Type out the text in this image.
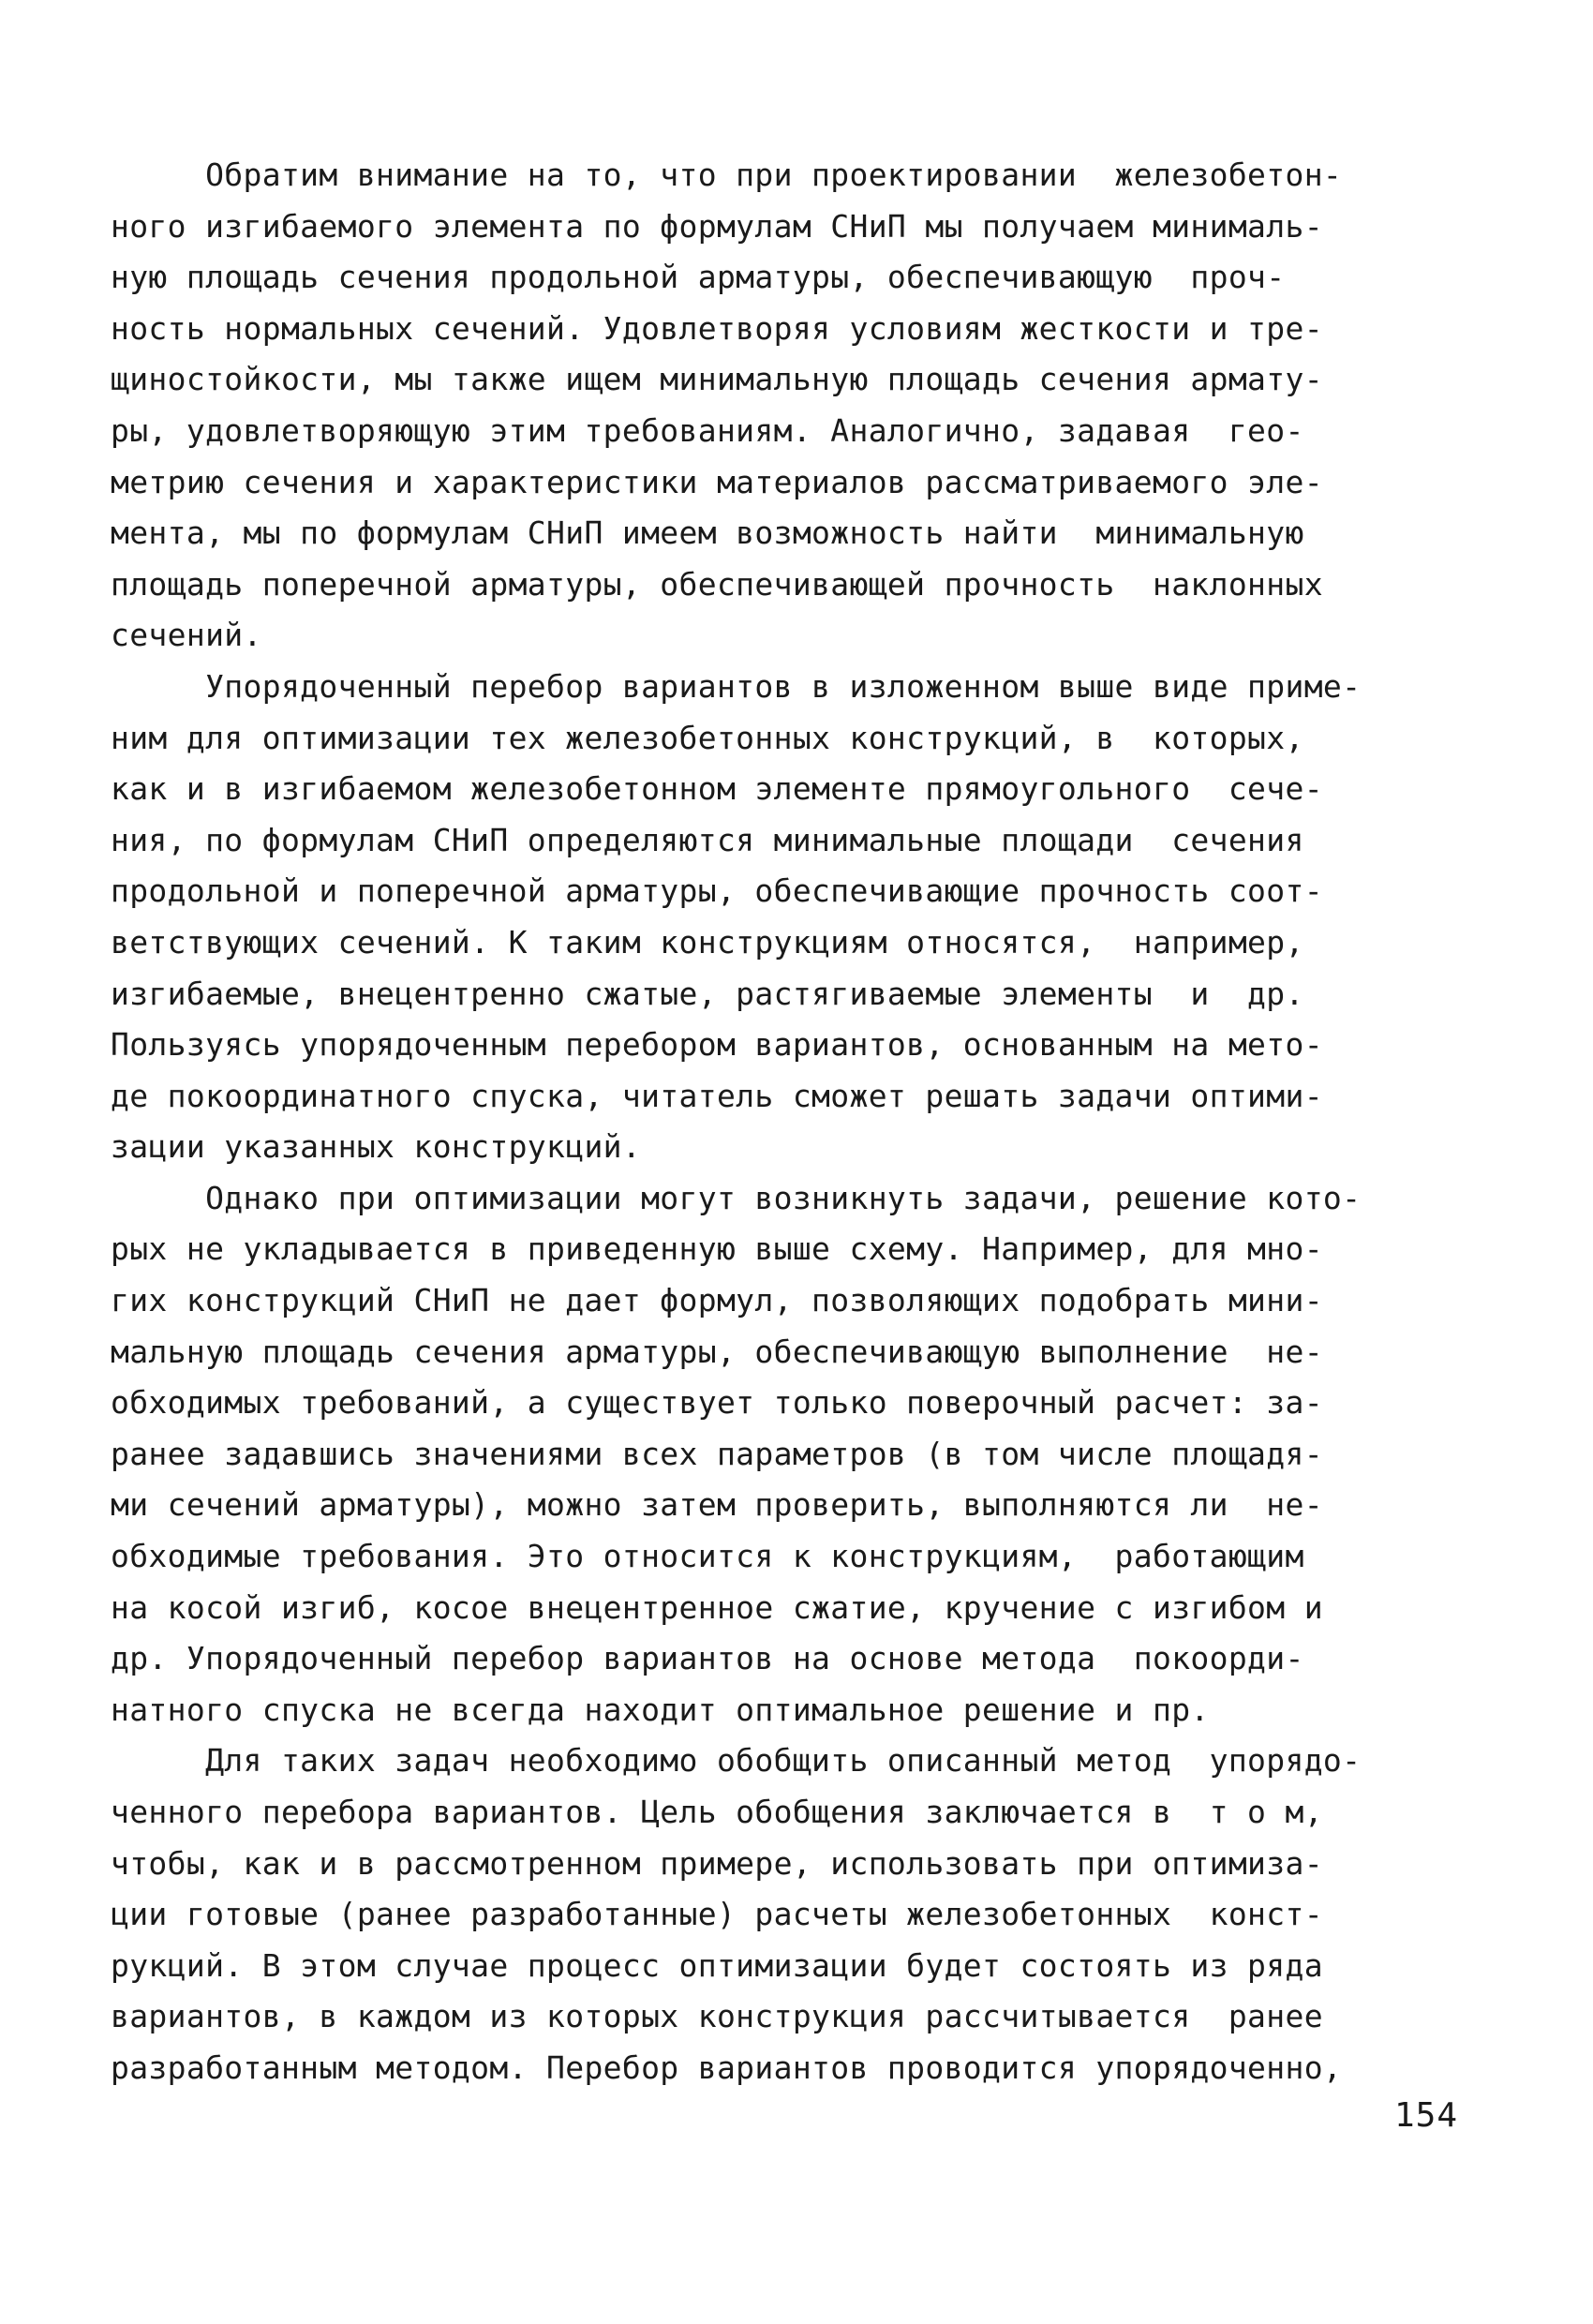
Обратим внимание на то, что при проектировании  железобетон-
ного изгибаемого элемента по формулам СНиП мы получаем минималь-
ную площадь сечения продольной арматуры, обеспечивающую  проч-
ность нормальных сечений. Удовлетворяя условиям жесткости и тре-
щиностойкости, мы также ищем минимальную площадь сечения армату-
ры, удовлетворяющую этим требованиям. Аналогично, задавая  гео-
метрию сечения и характеристики материалов рассматриваемого эле-
мента, мы по формулам СНиП имеем возможность найти  минимальную
площадь поперечной арматуры, обеспечивающей прочность  наклонных
сечений.
Упорядоченный перебор вариантов в изложенном выше виде приме-
ним для оптимизации тех железобетонных конструкций, в  которых,
как и в изгибаемом железобетонном элементе прямоугольного  сече-
ния, по формулам СНиП определяются минимальные площади  сечения
продольной и поперечной арматуры, обеспечивающие прочность соот-
ветствующих сечений. К таким конструкциям относятся,  например,
изгибаемые, внецентренно сжатые, растягиваемые элементы  и  др.
Пользуясь упорядоченным перебором вариантов, основанным на мето-
де покоординатного спуска, читатель сможет решать задачи оптими-
зации указанных конструкций.
Однако при оптимизации могут возникнуть задачи, решение кото-
рых не укладывается в приведенную выше схему. Например, для мно-
гих конструкций СНиП не дает формул, позволяющих подобрать мини-
мальную площадь сечения арматуры, обеспечивающую выполнение  не-
обходимых требований, а существует только поверочный расчет: за-
ранее задавшись значениями всех параметров (в том числе площадя-
ми сечений арматуры), можно затем проверить, выполняются ли  не-
обходимые требования. Это относится к конструкциям,  работающим
на косой изгиб, косое внецентренное сжатие, кручение с изгибом и
др. Упорядоченный перебор вариантов на основе метода  покоорди-
натного спуска не всегда находит оптимальное решение и пр.
Для таких задач необходимо обобщить описанный метод  упорядо-
ченного перебора вариантов. Цель обобщения заключается в  т о м,
чтобы, как и в рассмотренном примере, использовать при оптимиза-
ции готовые (ранее разработанные) расчеты железобетонных  конст-
рукций. В этом случае процесс оптимизации будет состоять из ряда
вариантов, в каждом из которых конструкция рассчитывается  ранее
разработанным методом. Перебор вариантов проводится упорядоченно,
154
